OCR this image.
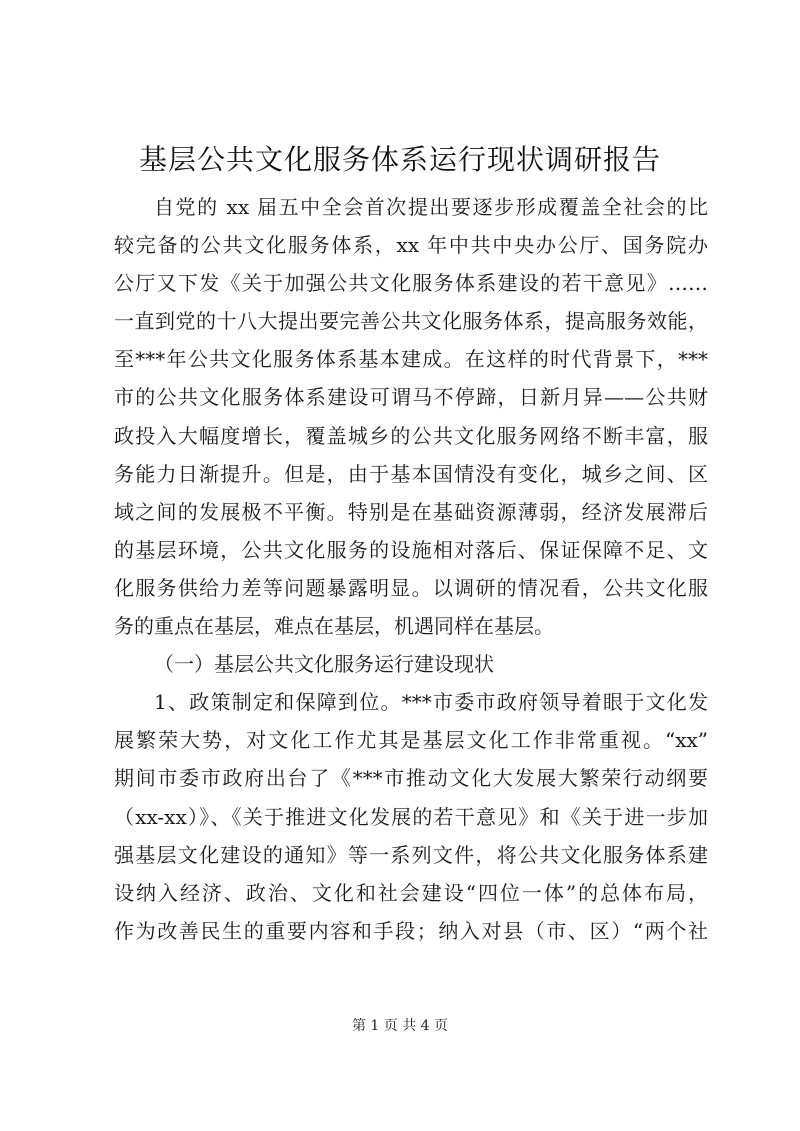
基层公共文化服务体系运行现状调研报告
自党的 xx 届五中全会首次提出要逐步形成覆盖全社会的比
较完备的公共文化服务体系，xx 年中共中央办公厅、国务院办
公厅又下发《关于加强公共文化服务体系建设的若干意见》……
一直到党的十八大提出要完善公共文化服务体系，提高服务效能，
至***年公共文化服务体系基本建成。在这样的时代背景下，***
市的公共文化服务体系建设可谓马不停蹄，日新月异——公共财
政投入大幅度增长，覆盖城乡的公共文化服务网络不断丰富，服
务能力日渐提升。但是，由于基本国情没有变化，城乡之间、区
域之间的发展极不平衡。特别是在基础资源薄弱，经济发展滞后
的基层环境，公共文化服务的设施相对落后、保证保障不足、文
化服务供给力差等问题暴露明显。以调研的情况看，公共文化服
务的重点在基层，难点在基层，机遇同样在基层。
（一）基层公共文化服务运行建设现状
1、政策制定和保障到位。***市委市政府领导着眼于文化发
展繁荣大势，对文化工作尤其是基层文化工作非常重视。“xx”
期间市委市政府出台了《***市推动文化大发展大繁荣行动纲要
（xx-xx）》、《关于推进文化发展的若干意见》和《关于进一步加
强基层文化建设的通知》等一系列文件，将公共文化服务体系建
设纳入经济、政治、文化和社会建设“四位一体”的总体布局，
作为改善民生的重要内容和手段；纳入对县（市、区）“两个社
第 1 页 共 4 页
